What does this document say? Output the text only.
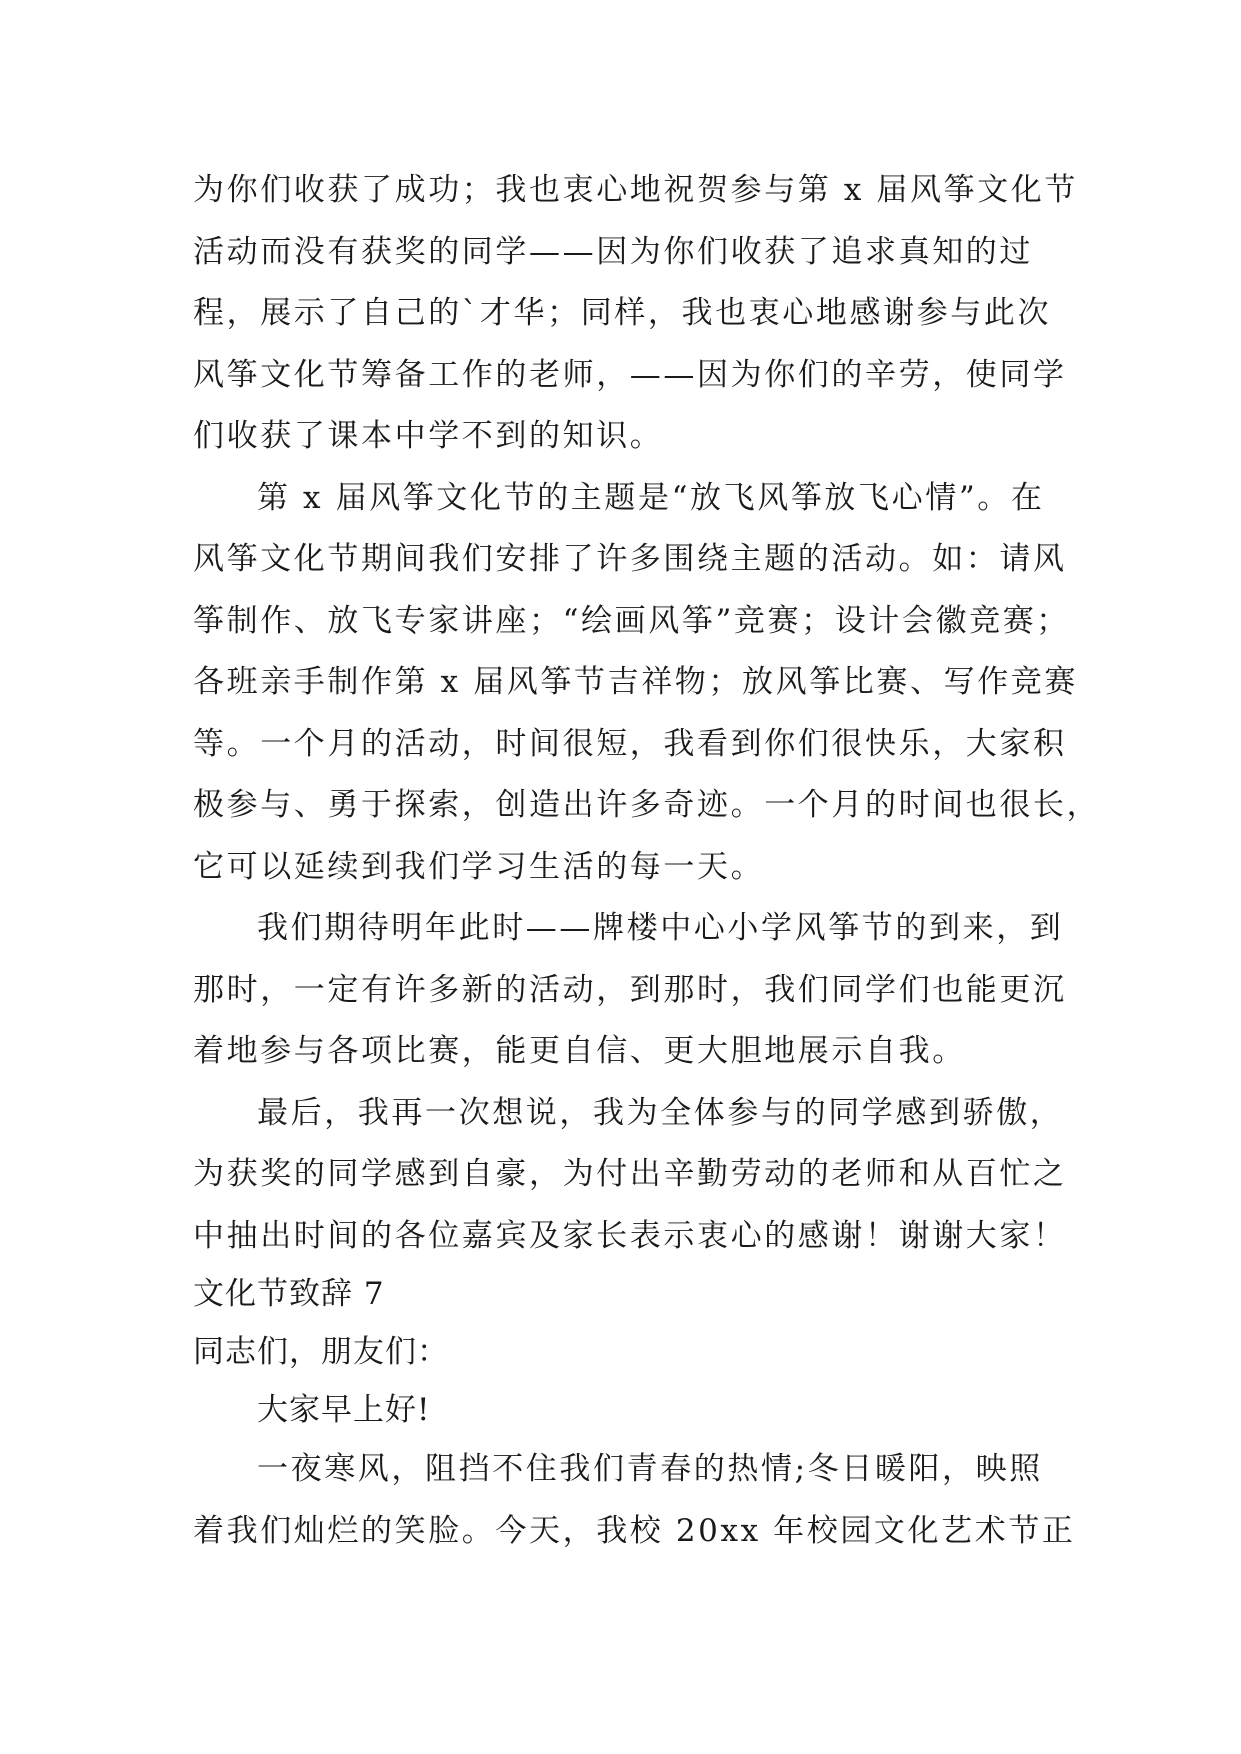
为你们收获了成功；我也衷心地祝贺参与第 x 届风筝文化节

活动而没有获奖的同学——因为你们收获了追求真知的过

程，展示了自己的`才华；同样，我也衷心地感谢参与此次

风筝文化节筹备工作的老师，——因为你们的辛劳，使同学

们收获了课本中学不到的知识。

第 x 届风筝文化节的主题是“放飞风筝放飞心情”。在

风筝文化节期间我们安排了许多围绕主题的活动。如：请风

筝制作、放飞专家讲座；“绘画风筝”竞赛；设计会徽竞赛；

各班亲手制作第 x 届风筝节吉祥物；放风筝比赛、写作竞赛

等。一个月的活动，时间很短，我看到你们很快乐，大家积

极参与、勇于探索，创造出许多奇迹。一个月的时间也很长，

它可以延续到我们学习生活的每一天。

我们期待明年此时——牌楼中心小学风筝节的到来，到

那时，一定有许多新的活动，到那时，我们同学们也能更沉

着地参与各项比赛，能更自信、更大胆地展示自我。

最后，我再一次想说，我为全体参与的同学感到骄傲，

为获奖的同学感到自豪，为付出辛勤劳动的老师和从百忙之

中抽出时间的各位嘉宾及家长表示衷心的感谢！谢谢大家！

文化节致辞 7

同志们，朋友们：

大家早上好!

一夜寒风，阻挡不住我们青春的热情;冬日暖阳，映照

着我们灿烂的笑脸。今天，我校 20xx 年校园文化艺术节正
